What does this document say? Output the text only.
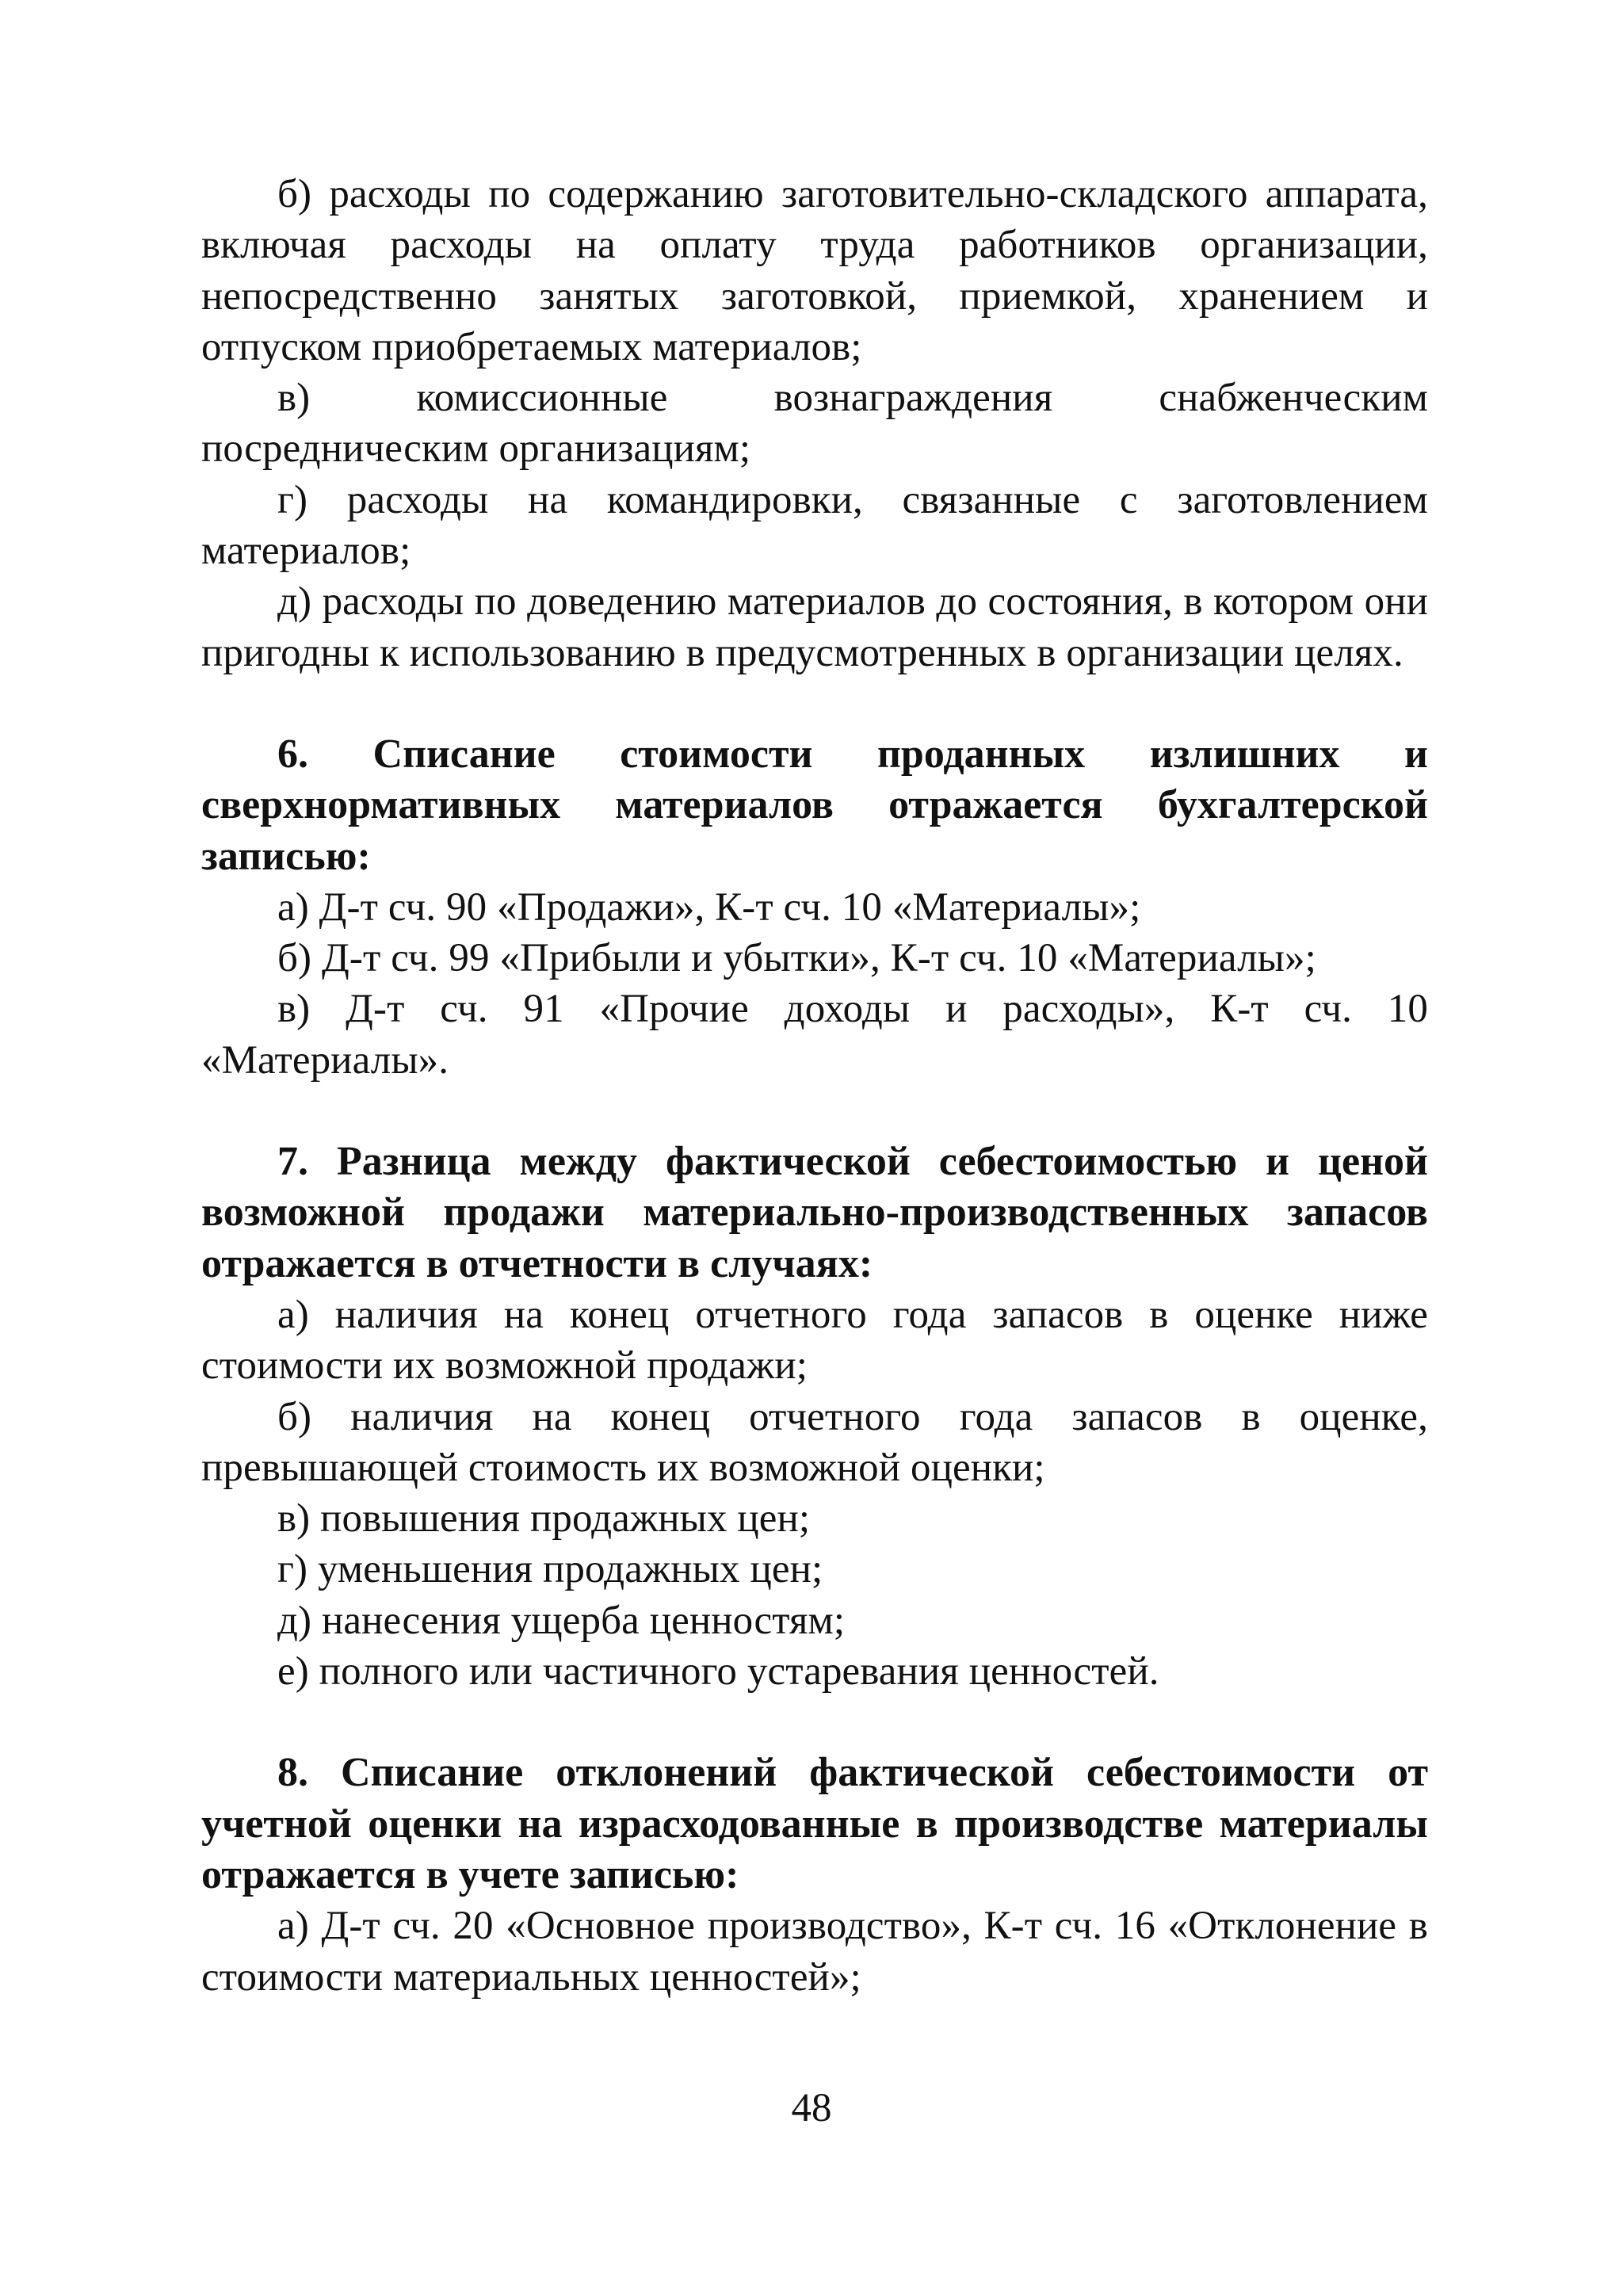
б) расходы по содержанию заготовительно-складского аппарата, включая расходы на оплату труда работников организации, непосредственно занятых заготовкой, приемкой, хранением и отпуском приобретаемых материалов;

в) комиссионные вознаграждения снабженческим посредническим организациям;

г) расходы на командировки, связанные с заготовлением материалов;

д) расходы по доведению материалов до состояния, в котором они пригодны к использованию в предусмотренных в организации целях.

6. Списание стоимости проданных излишних и сверхнормативных материалов отражается бухгалтерской записью:

а) Д-т сч. 90 «Продажи», К-т сч. 10 «Материалы»;

б) Д-т сч. 99 «Прибыли и убытки», К-т сч. 10 «Материалы»;

в) Д-т сч. 91 «Прочие доходы и расходы», К-т сч. 10 «Материалы».

7. Разница между фактической себестоимостью и ценой возможной продажи материально-производственных запасов отражается в отчетности в случаях:

а) наличия на конец отчетного года запасов в оценке ниже стоимости их возможной продажи;

б) наличия на конец отчетного года запасов в оценке, превышающей стоимость их возможной оценки;

в) повышения продажных цен;

г) уменьшения продажных цен;

д) нанесения ущерба ценностям;

е) полного или частичного устаревания ценностей.

8. Списание отклонений фактической себестоимости от учетной оценки на израсходованные в производстве материалы отражается в учете записью:

а) Д-т сч. 20 «Основное производство», К-т сч. 16 «Отклонение в стоимости материальных ценностей»;

48
